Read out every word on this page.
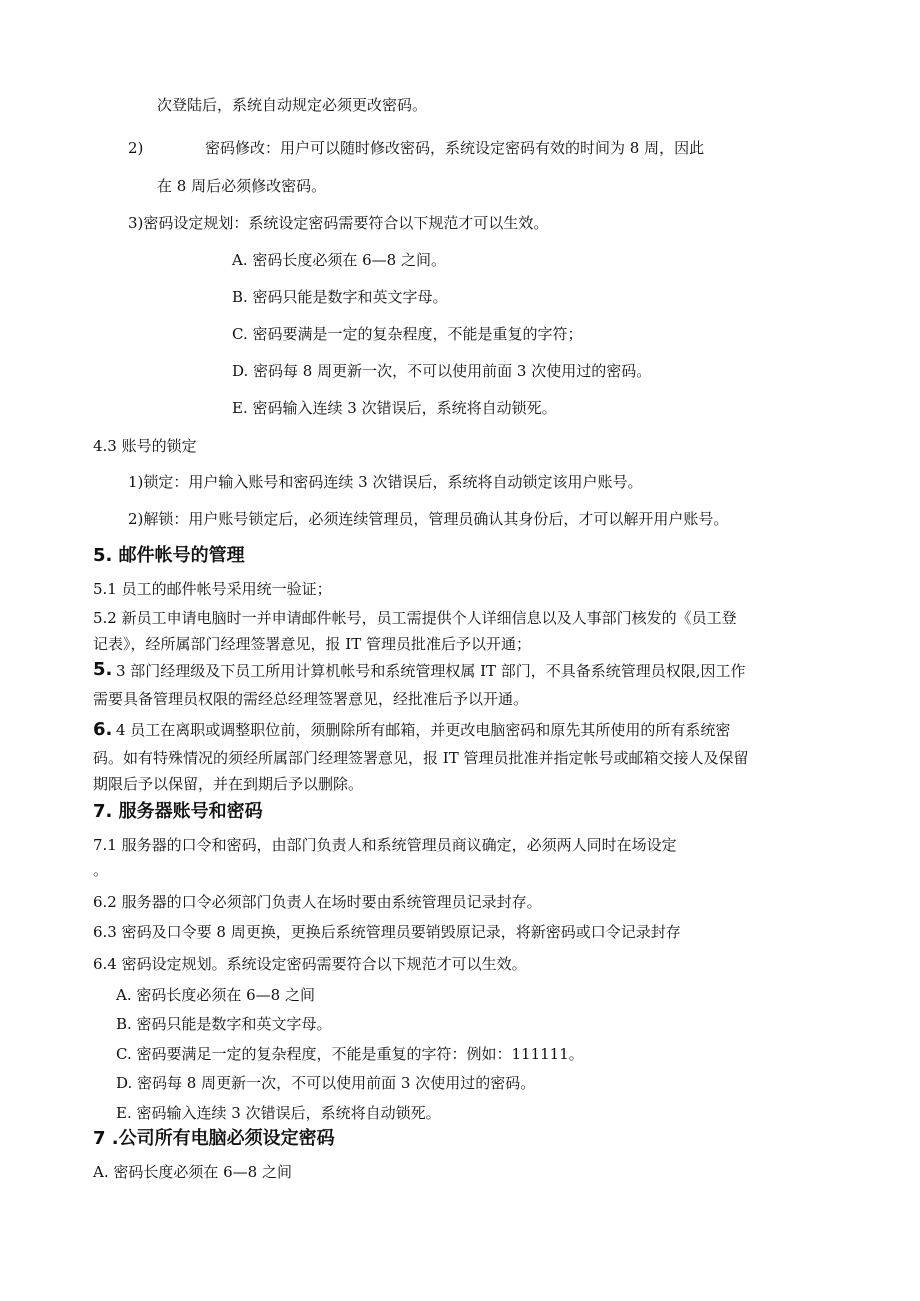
次登陆后，系统自动规定必须更改密码。
2)	密码修改：用户可以随时修改密码，系统设定密码有效的时间为 8 周，因此
在 8 周后必须修改密码。
3)密码设定规划：系统设定密码需要符合以下规范才可以生效。
A. 密码长度必须在 6—8 之间。
B. 密码只能是数字和英文字母。
C. 密码要满是一定的复杂程度，不能是重复的字符；
D. 密码每 8 周更新一次，不可以使用前面 3 次使用过的密码。
E. 密码输入连续 3 次错误后，系统将自动锁死。
4.3 账号的锁定
1)锁定：用户输入账号和密码连续 3 次错误后，系统将自动锁定该用户账号。
2)解锁：用户账号锁定后，必须连续管理员，管理员确认其身份后，才可以解开用户账号。
5. 邮件帐号的管理
5.1 员工的邮件帐号采用统一验证；
5.2 新员工申请电脑时一并申请邮件帐号，员工需提供个人详细信息以及人事部门核发的《员工登
记表》，经所属部门经理签署意见，报 IT 管理员批准后予以开通；
5. 3 部门经理级及下员工所用计算机帐号和系统管理权属 IT 部门，不具备系统管理员权限,因工作
需要具备管理员权限的需经总经理签署意见，经批准后予以开通。
6. 4 员工在离职或调整职位前，须删除所有邮箱，并更改电脑密码和原先其所使用的所有系统密
码。如有特殊情况的须经所属部门经理签署意见，报 IT 管理员批准并指定帐号或邮箱交接人及保留
期限后予以保留，并在到期后予以删除。
7. 服务器账号和密码
7.1 服务器的口令和密码，由部门负责人和系统管理员商议确定，必须两人同时在场设定
。
6.2 服务器的口令必须部门负责人在场时要由系统管理员记录封存。
6.3 密码及口令要 8 周更换，更换后系统管理员要销毁原记录，将新密码或口令记录封存
6.4 密码设定规划。系统设定密码需要符合以下规范才可以生效。
A. 密码长度必须在 6—8 之间
B. 密码只能是数字和英文字母。
C. 密码要满足一定的复杂程度，不能是重复的字符：例如：111111。
D. 密码每 8 周更新一次，不可以使用前面 3 次使用过的密码。
E. 密码输入连续 3 次错误后，系统将自动锁死。
7 .公司所有电脑必须设定密码
A. 密码长度必须在 6—8 之间
